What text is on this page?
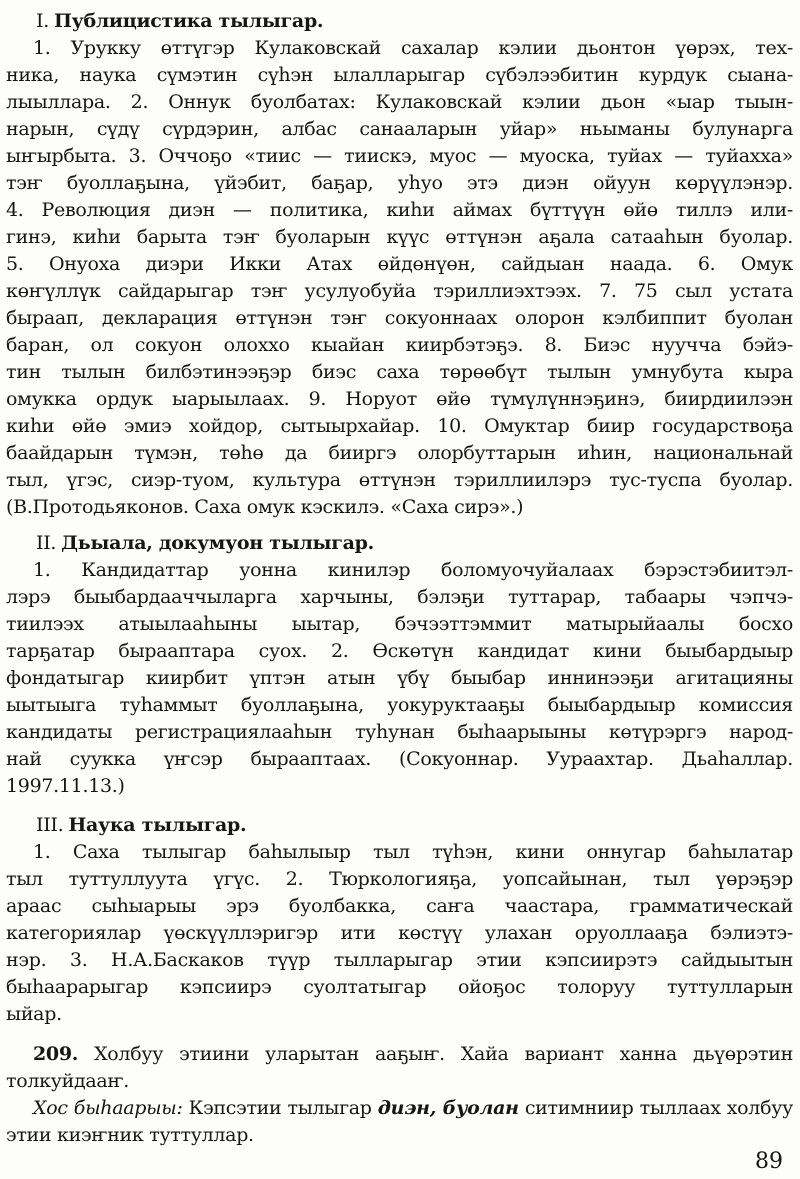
I. Публицистика тылыгар.
1. Урукку өттүгэр Кулаковскай сахалар кэлии дьонтон үөрэх, тех-
ника, наука сүмэтин сүһэн ылалларыгар сүбэлээбитин курдук сыана-
лыыллара. 2. Оннук буолбатах: Кулаковскай кэлии дьон «ыар тыын-
нарын, сүдү сүрдэрин, албас санааларын уйар» ньыманы булунарга
ыҥырбыта. 3. Оччоҕо «тиис — тиискэ, муос — муоска, туйах — туйахха»
тэҥ буоллаҕына, үйэбит, баҕар, уһуо этэ диэн ойуун көрүүлэнэр.
4. Революция диэн — политика, киһи аймах бүттүүн өйө тиллэ или-
гинэ, киһи барыта тэҥ буоларын күүс өттүнэн аҕала сатааһын буолар.
5. Онуоха диэри Икки Атах өйдөнүөн, сайдыан наада. 6. Омук
көҥүллүк сайдарыгар тэҥ усулуобуйа тэриллиэхтээх. 7. 75 сыл устата
быраап, декларация өттүнэн тэҥ сокуоннаах олорон кэлбиппит буолан
баран, ол сокуон олоххо кыайан киирбэтэҕэ. 8. Биэс нуучча бэйэ-
тин тылын билбэтинээҕэр биэс саха төрөөбүт тылын умнубута кыра
омукка ордук ыарыылаах. 9. Норуот өйө түмүлүннэҕинэ, биирдиилээн
киһи өйө эмиэ хойдор, сытыырхайар. 10. Омуктар биир государствоҕа
баайдарын түмэн, төһө да бииргэ олорбуттарын иһин, национальнай
тыл, үгэс, сиэр-туом, культура өттүнэн тэриллиилэрэ тус-туспа буолар.
(В.Протодьяконов. Саха омук кэскилэ. «Саха сирэ».)
II. Дьыала, докумуон тылыгар.
1. Кандидаттар уонна кинилэр боломуочуйалаах бэрэстэбиитэл-
лэрэ быыбардааччыларга харчыны, бэлэҕи туттарар, табаары чэпчэ-
тиилээх атыылааһыны ыытар, бэчээттэммит матырыйаалы босхо
тарҕатар бырааптара суох. 2. Өскөтүн кандидат кини быыбардыыр
фондатыгар киирбит үптэн атын үбү быыбар иннинээҕи агитацияны
ыытыыга туһаммыт буоллаҕына, уокуруктааҕы быыбардыыр комиссия
кандидаты регистрациялааһын туһунан быһаарыыны көтүрэргэ народ-
най суукка үҥсэр бырааптаах. (Сокуоннар. Уураахтар. Дьаһаллар.
1997.11.13.)
III. Наука тылыгар.
1. Саха тылыгар баһылыыр тыл түһэн, кини оннугар баһылатар
тыл туттуллуута үгүс. 2. Тюркологияҕа, уопсайынан, тыл үөрэҕэр
араас сыһыарыы эрэ буолбакка, саҥа чаастара, грамматическай
категориялар үөскүүллэригэр ити көстүү улахан оруоллааҕа бэлиэтэ-
нэр. 3. Н.А.Баскаков түүр тылларыгар этии кэпсиирэтэ сайдыытын
быһаарарыгар кэпсиирэ суолтатыгар ойоҕос толоруу туттулларын
ыйар.
209. Холбуу этиини уларытан ааҕыҥ. Хайа вариант ханна дьүөрэтин
толкуйдааҥ.
Хос быһаарыы: Кэпсэтии тылыгар диэн, буолан ситимниир тыллаах холбуу
этии киэҥник туттуллар.
89
